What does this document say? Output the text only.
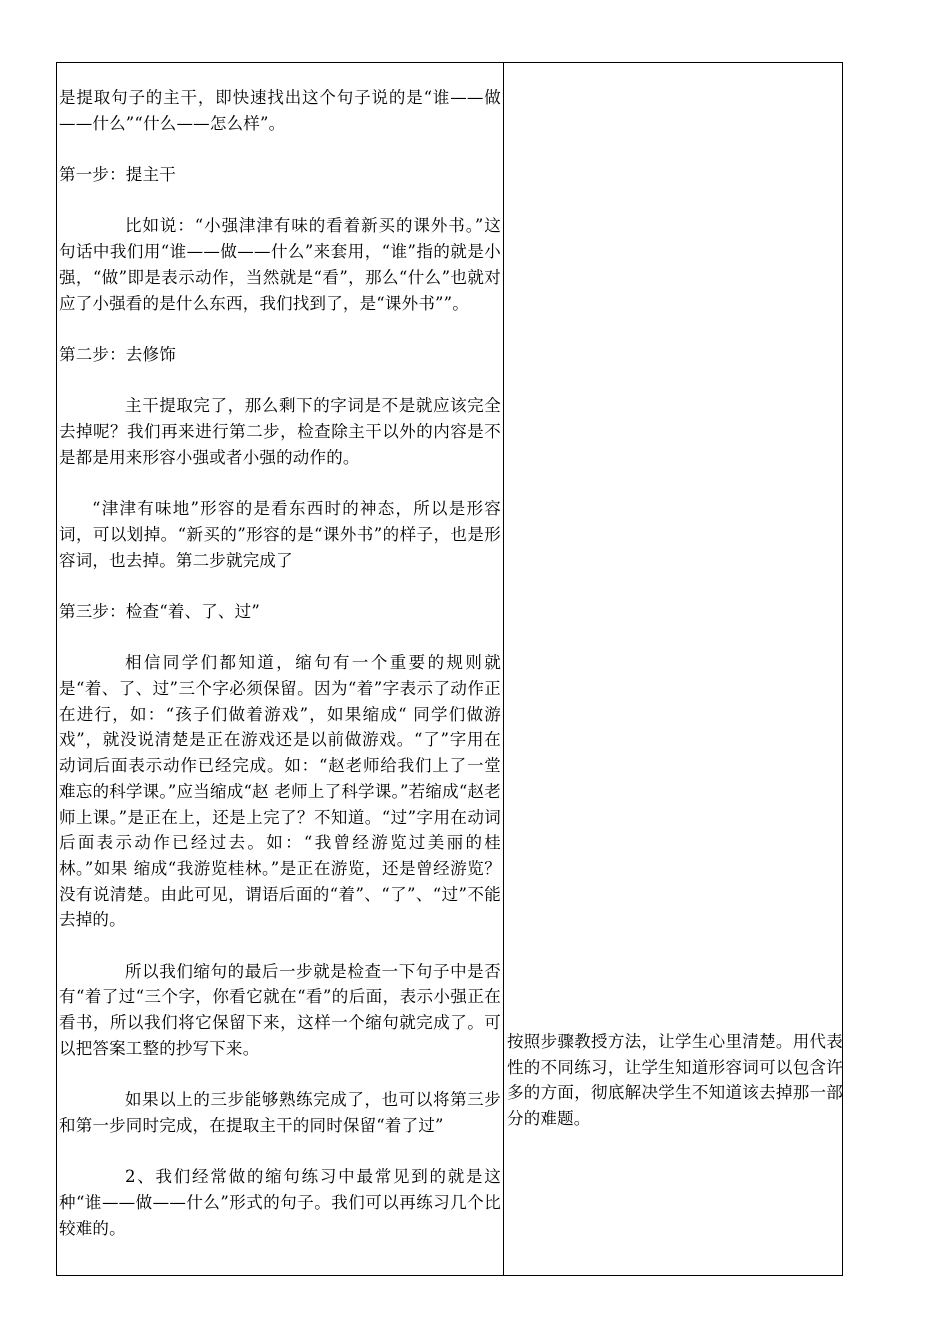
是提取句子的主干，即快速找出这个句子说的是“谁——做——什么”“什么——怎么样”。

第一步：提主干

比如说：“小强津津有味的看着新买的课外书。”这句话中我们用“谁——做——什么”来套用，“谁”指的就是小强，“做”即是表示动作，当然就是“看”，那么“什么”也就对应了小强看的是什么东西，我们找到了，是“课外书””。

第二步：去修饰

主干提取完了，那么剩下的字词是不是就应该完全去掉呢？我们再来进行第二步，检查除主干以外的内容是不是都是用来形容小强或者小强的动作的。

“津津有味地”形容的是看东西时的神态，所以是形容词，可以划掉。“新买的”形容的是“课外书”的样子，也是形容词，也去掉。第二步就完成了

第三步：检查“着、了、过”

相信同学们都知道，缩句有一个重要的规则就是“着、了、过”三个字必须保留。因为“着”字表示了动作正在进行，如：“孩子们做着游戏”，如果缩成“ 同学们做游戏”，就没说清楚是正在游戏还是以前做游戏。“了”字用在动词后面表示动作已经完成。如：“赵老师给我们上了一堂难忘的科学课。”应当缩成“赵 老师上了科学课。”若缩成“赵老师上课。”是正在上，还是上完了？不知道。“过”字用在动词后面表示动作已经过去。如：“我曾经游览过美丽的桂林。”如果 缩成“我游览桂林。”是正在游览，还是曾经游览？没有说清楚。由此可见，谓语后面的“着”、“了”、“过”不能去掉的。

所以我们缩句的最后一步就是检查一下句子中是否有“着了过“三个字，你看它就在“看”的后面，表示小强正在看书，所以我们将它保留下来，这样一个缩句就完成了。可以把答案工整的抄写下来。

如果以上的三步能够熟练完成了，也可以将第三步和第一步同时完成，在提取主干的同时保留“着了过”

2、我们经常做的缩句练习中最常见到的就是这种“谁——做——什么”形式的句子。我们可以再练习几个比较难的。

按照步骤教授方法，让学生心里清楚。用代表性的不同练习，让学生知道形容词可以包含许多的方面，彻底解决学生不知道该去掉那一部分的难题。
